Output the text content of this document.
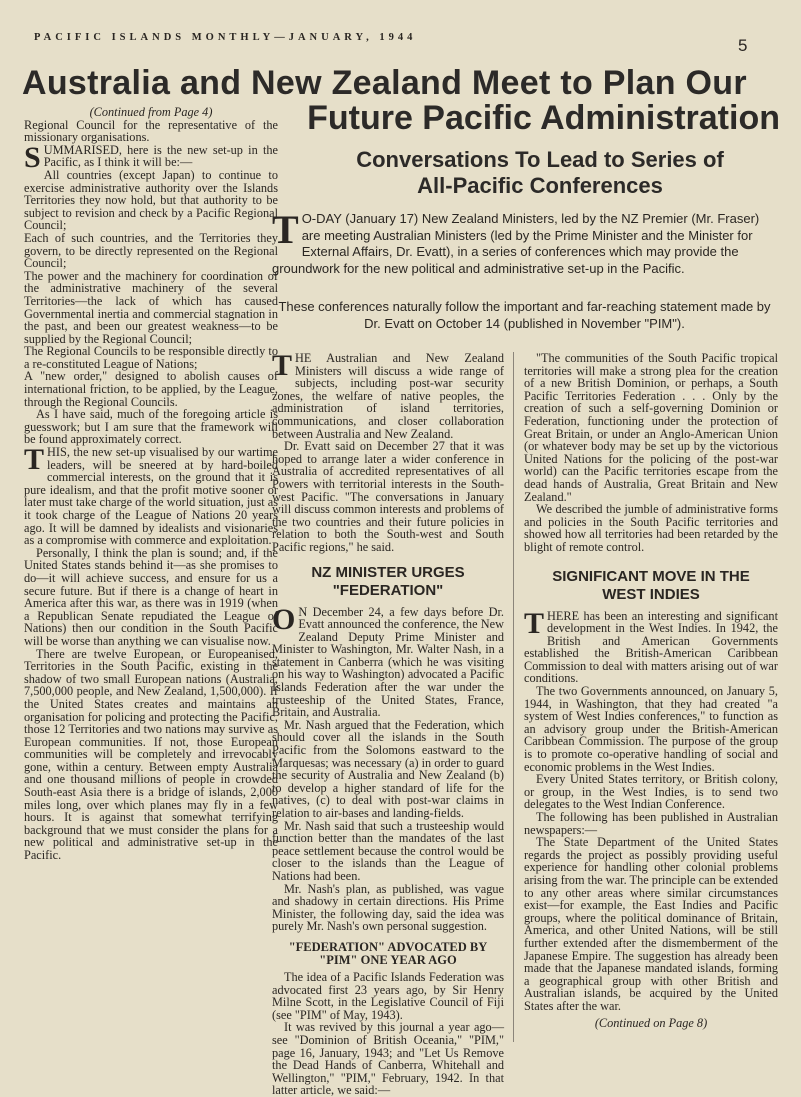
PACIFIC ISLANDS MONTHLY—JANUARY, 1944	5
Australia and New Zealand Meet to Plan Our
Future Pacific Administration
Conversations To Lead to Series of
All-Pacific Conferences
T O-DAY (January 17) New Zealand Ministers, led by the NZ Premier (Mr. Fraser) are meeting Australian Ministers (led by the Prime Minister and the Minister for External Affairs, Dr. Evatt), in a series of conferences which may provide the groundwork for the new political and administrative set-up in the Pacific.
These conferences naturally follow the important and far-reaching statement made by Dr. Evatt on October 14 (published in November "PIM").

(Continued from Page 4)

Regional Council for the representative of the missionary organisations.

SUMMARISED, here is the new set-up in the Pacific, as I think it will be:—

All countries (except Japan) to continue to exercise administrative authority over the Islands Territories they now hold, but that authority to be subject to revision and check by a Pacific Regional Council;

Each of such countries, and the Territories they govern, to be directly represented on the Regional Council;

The power and the machinery for coordination of the administrative machinery of the several Territories—the lack of which has caused Governmental inertia and commercial stagnation in the past, and been our greatest weakness—to be supplied by the Regional Council;

The Regional Councils to be responsible directly to a re-constituted League of Nations;

A "new order," designed to abolish causes of international friction, to be applied, by the League, through the Regional Councils.

As I have said, much of the foregoing article is guesswork; but I am sure that the framework will be found approximately correct.

THIS, the new set-up visualised by our wartime leaders, will be sneered at by hard-boiled commercial interests, on the ground that it is pure idealism, and that the profit motive sooner or later must take charge of the world situation, just as it took charge of the League of Nations 20 years ago. It will be damned by idealists and visionaries as a compromise with commerce and exploitation.

Personally, I think the plan is sound; and, if the United States stands behind it—as she promises to do—it will achieve success, and ensure for us a secure future. But if there is a change of heart in America after this war, as there was in 1919 (when a Republican Senate repudiated the League of Nations) then our condition in the South Pacific will be worse than anything we can visualise now.

There are twelve European, or Europeanised, Territories in the South Pacific, existing in the shadow of two small European nations (Australia, 7,500,000 people, and New Zealand, 1,500,000). If the United States creates and maintains an organisation for policing and protecting the Pacific, those 12 Territories and two nations may survive as European communities. If not, those European communities will be completely and irrevocably gone, within a century. Between empty Australia and one thousand millions of people in crowded South-east Asia there is a bridge of islands, 2,000 miles long, over which planes may fly in a few hours. It is against that somewhat terrifying background that we must consider the plans for a new political and administrative set-up in the Pacific.

THE Australian and New Zealand Ministers will discuss a wide range of subjects, including post-war security zones, the welfare of native peoples, the administration of island territories, communications, and closer collaboration between Australia and New Zealand.

Dr. Evatt said on December 27 that it was hoped to arrange later a wider conference in Australia of accredited representatives of all Powers with territorial interests in the South-west Pacific. "The conversations in January will discuss common interests and problems of the two countries and their future policies in relation to both the South-west and South Pacific regions," he said.

NZ MINISTER URGES
"FEDERATION"

O N December 24, a few days before Dr. Evatt announced the conference, the New Zealand Deputy Prime Minister and Minister to Washington, Mr. Walter Nash, in a statement in Canberra (which he was visiting on his way to Washington) advocated a Pacific Islands Federation after the war under the trusteeship of the United States, France, Britain, and Australia.

Mr. Nash argued that the Federation, which should cover all the islands in the South Pacific from the Solomons eastward to the Marquesas; was necessary (a) in order to guard the security of Australia and New Zealand (b) to develop a higher standard of life for the natives, (c) to deal with post-war claims in relation to air-bases and landing-fields.

Mr. Nash said that such a trusteeship would function better than the mandates of the last peace settlement because the control would be closer to the islands than the League of Nations had been.

Mr. Nash's plan, as published, was vague and shadowy in certain directions. His Prime Minister, the following day, said the idea was purely Mr. Nash's own personal suggestion.

"FEDERATION" ADVOCATED BY
"PIM" ONE YEAR AGO

The idea of a Pacific Islands Federation was advocated first 23 years ago, by Sir Henry Milne Scott, in the Legislative Council of Fiji (see "PIM" of May, 1943).

It was revived by this journal a year ago—see "Dominion of British Oceania," "PIM," page 16, January, 1943; and "Let Us Remove the Dead Hands of Canberra, Whitehall and Wellington," "PIM," February, 1942. In that latter article, we said:—

"The communities of the South Pacific tropical territories will make a strong plea for the creation of a new British Dominion, or perhaps, a South Pacific Territories Federation . . . Only by the creation of such a self-governing Dominion or Federation, functioning under the protection of Great Britain, or under an Anglo-American Union (or whatever body may be set up by the victorious United Nations for the policing of the post-war world) can the Pacific territories escape from the dead hands of Australia, Great Britain and New Zealand."

We described the jumble of administrative forms and policies in the South Pacific territories and showed how all territories had been retarded by the blight of remote control.

SIGNIFICANT MOVE IN THE
WEST INDIES

THERE has been an interesting and significant development in the West Indies. In 1942, the British and American Governments established the British-American Caribbean Commission to deal with matters arising out of war conditions.

The two Governments announced, on January 5, 1944, in Washington, that they had created "a system of West Indies conferences," to function as an advisory group under the British-American Caribbean Commission. The purpose of the group is to promote co-operative handling of social and economic problems in the West Indies.

Every United States territory, or British colony, or group, in the West Indies, is to send two delegates to the West Indian Conference.

The following has been published in Australian newspapers:—

The State Department of the United States regards the project as possibly providing useful experience for handling other colonial problems arising from the war. The principle can be extended to any other areas where similar circumstances exist—for example, the East Indies and Pacific groups, where the political dominance of Britain, America, and other United Nations, will be still further extended after the dismemberment of the Japanese Empire. The suggestion has already been made that the Japanese mandated islands, forming a geographical group with other British and Australian islands, be acquired by the United States after the war.

(Continued on Page 8)
